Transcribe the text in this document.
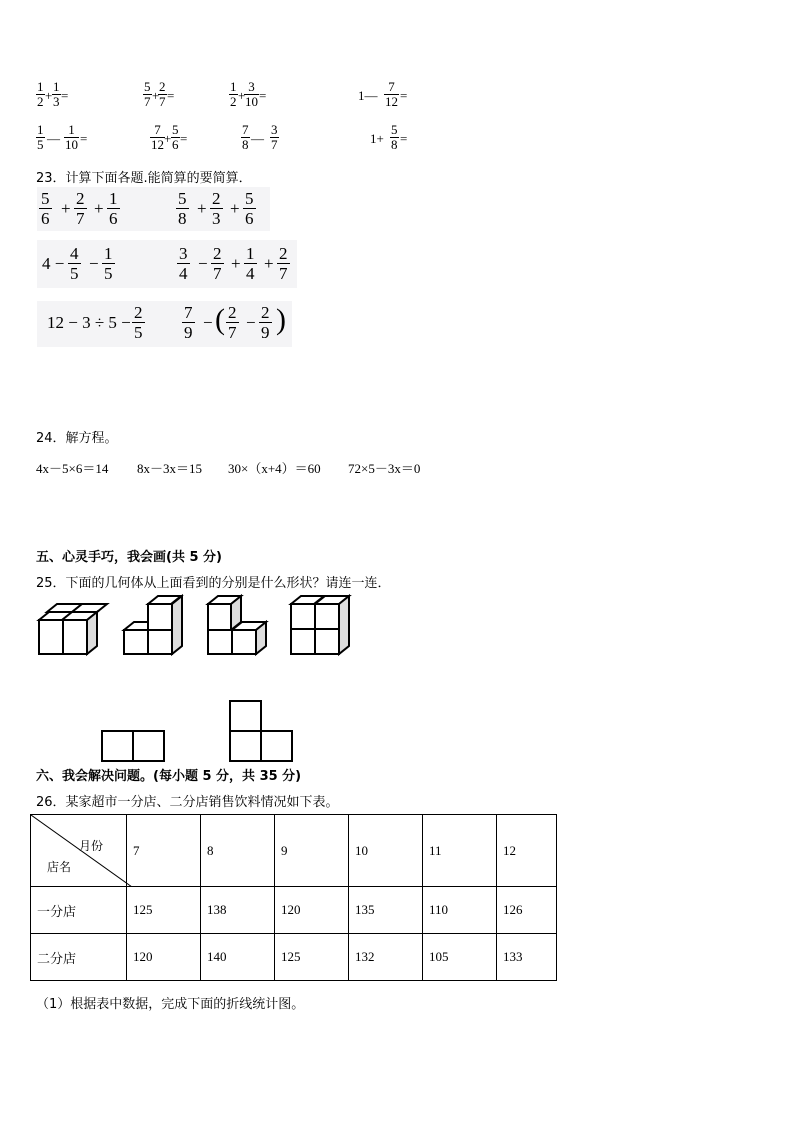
$\frac{1}{2} + \frac{1}{3}$ =	$\frac{5}{7}$ +
$\frac{2}{7}$ =	$\frac{1}{2}$ +
$\frac{3}{10}$ =	1— $\frac{7}{12}$ =
$\frac{1}{5}$ — $\frac{1}{10}$ =	$\frac{7}{12} + \frac{5}{6}$ =	$\frac{7}{8}$ — $\frac{3}{7}$	$1+ \frac{5}{8}$ =
23．计算下面各题.能简算的要简算．
5
6
+
2
7
+
1
6
5
8
+
2
3
+
5
6
4 −
4
5
−
1
5
3
4
−
2
7
+
1
4
+
2
7
12 − 3 ÷ 5 −
2
5
7
9
− ( 2
7
−
2
9 )
24．解方程。
4x－5×6＝14 8x－3x＝15 30×（x+4）＝60 72×5－3x＝0
五、心灵手巧，我会画(共 5 分)
25．下面的几何体从上面看到的分别是什么形状？请连一连．
六、我会解决问题。(每小题 5 分，共 35 分)
26．某家超市一分店、二分店销售饮料情况如下表。
月份
店名	7	8	9	10	11	12
一分店	125	138	120	135	110	126
二分店	120	140	125	132	105	133
（1）根据表中数据，完成下面的折线统计图。
